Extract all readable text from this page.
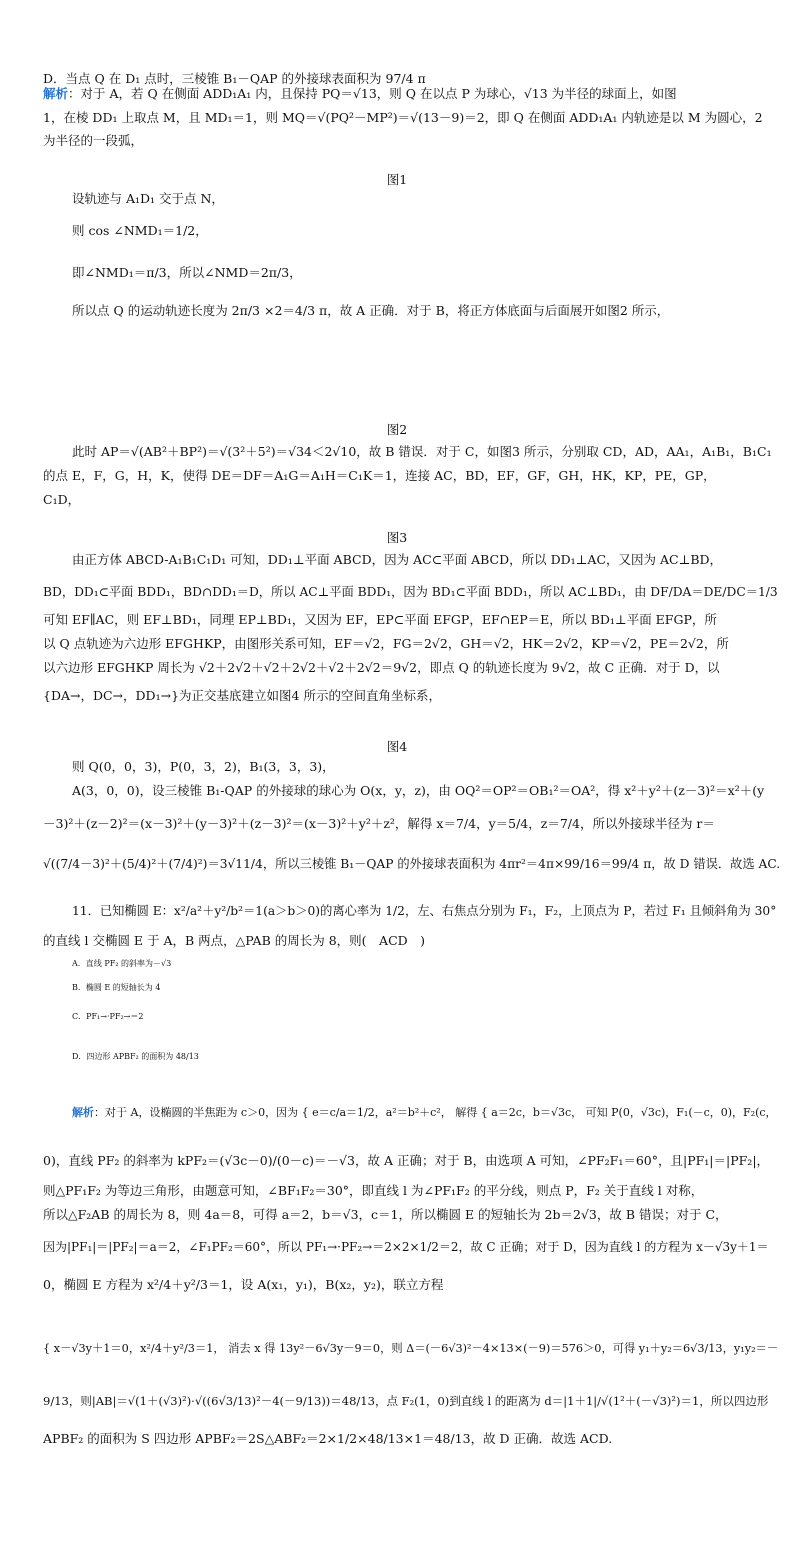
D．当点 Q 在 D₁ 点时，三棱锥 B₁－QAP 的外接球表面积为 97/4 π
解析：对于 A，若 Q 在侧面 ADD₁A₁ 内，且保持 PQ＝√13，则 Q 在以点 P 为球心，√13 为半径的球面上，如图
1，在棱 DD₁ 上取点 M，且 MD₁＝1，则 MQ＝√(PQ²－MP²)＝√(13－9)＝2，即 Q 在侧面 ADD₁A₁ 内轨迹是以 M 为圆心，2
为半径的一段弧，
图1
设轨迹与 A₁D₁ 交于点 N，
则 cos ∠NMD₁＝1/2，
即∠NMD₁＝π/3，所以∠NMD＝2π/3，
所以点 Q 的运动轨迹长度为 2π/3 ×2＝4/3 π，故 A 正确．对于 B，将正方体底面与后面展开如图2 所示，
图2
此时 AP＝√(AB²＋BP²)＝√(3²＋5²)＝√34＜2√10，故 B 错误．对于 C，如图3 所示，分别取 CD，AD，AA₁，A₁B₁，B₁C₁
的点 E，F，G，H，K，使得 DE＝DF＝A₁G＝A₁H＝C₁K＝1，连接 AC，BD，EF，GF，GH，HK，KP，PE，GP，
C₁D，
图3
由正方体 ABCD-A₁B₁C₁D₁ 可知，DD₁⊥平面 ABCD，因为 AC⊂平面 ABCD，所以 DD₁⊥AC，又因为 AC⊥BD，
BD，DD₁⊂平面 BDD₁，BD∩DD₁＝D，所以 AC⊥平面 BDD₁，因为 BD₁⊂平面 BDD₁，所以 AC⊥BD₁，由 DF/DA＝DE/DC＝1/3
可知 EF∥AC，则 EF⊥BD₁，同理 EP⊥BD₁，又因为 EF，EP⊂平面 EFGP，EF∩EP＝E，所以 BD₁⊥平面 EFGP，所
以 Q 点轨迹为六边形 EFGHKP，由图形关系可知，EF＝√2，FG＝2√2，GH＝√2，HK＝2√2，KP＝√2，PE＝2√2，所
以六边形 EFGHKP 周长为 √2＋2√2＋√2＋2√2＋√2＋2√2＝9√2，即点 Q 的轨迹长度为 9√2，故 C 正确．对于 D，以
{DA→，DC→，DD₁→}为正交基底建立如图4 所示的空间直角坐标系，
图4
则 Q(0，0，3)，P(0，3，2)，B₁(3，3，3)，
A(3，0，0)，设三棱锥 B₁-QAP 的外接球的球心为 O(x，y，z)，由 OQ²＝OP²＝OB₁²＝OA²，得 x²＋y²＋(z－3)²＝x²＋(y
－3)²＋(z－2)²＝(x－3)²＋(y－3)²＋(z－3)²＝(x－3)²＋y²＋z²，解得 x＝7/4，y＝5/4，z＝7/4，所以外接球半径为 r＝
√((7/4－3)²＋(5/4)²＋(7/4)²)＝3√11/4，所以三棱锥 B₁－QAP 的外接球表面积为 4πr²＝4π×99/16＝99/4 π，故 D 错误．故选 AC.
11．已知椭圆 E：x²/a²＋y²/b²＝1(a＞b＞0)的离心率为 1/2，左、右焦点分别为 F₁，F₂，上顶点为 P，若过 F₁ 且倾斜角为 30°
的直线 l 交椭圆 E 于 A，B 两点，△PAB 的周长为 8，则(　ACD　)
A．直线 PF₂ 的斜率为－√3
B．椭圆 E 的短轴长为 4
C．PF₁→·PF₂→＝2
D．四边形 APBF₂ 的面积为 48/13
解析：对于 A，设椭圆的半焦距为 c＞0，因为 { e＝c/a＝1/2，a²＝b²＋c²， 解得 { a＝2c，b＝√3c， 可知 P(0，√3c)，F₁(－c，0)，F₂(c，
0)，直线 PF₂ 的斜率为 kPF₂＝(√3c－0)/(0－c)＝－√3，故 A 正确；对于 B，由选项 A 可知，∠PF₂F₁＝60°，且|PF₁|＝|PF₂|，
则△PF₁F₂ 为等边三角形，由题意可知，∠BF₁F₂＝30°，即直线 l 为∠PF₁F₂ 的平分线，则点 P，F₂ 关于直线 l 对称，
所以△F₂AB 的周长为 8，则 4a＝8，可得 a＝2，b＝√3，c＝1，所以椭圆 E 的短轴长为 2b＝2√3，故 B 错误；对于 C，
因为|PF₁|＝|PF₂|＝a＝2，∠F₁PF₂＝60°，所以 PF₁→·PF₂→＝2×2×1/2＝2，故 C 正确；对于 D，因为直线 l 的方程为 x－√3y＋1＝
0，椭圆 E 方程为 x²/4＋y²/3＝1，设 A(x₁，y₁)，B(x₂，y₂)，联立方程
{ x－√3y＋1＝0，x²/4＋y²/3＝1， 消去 x 得 13y²－6√3y－9＝0，则 Δ＝(－6√3)²－4×13×(－9)＝576＞0，可得 y₁＋y₂＝6√3/13，y₁y₂＝－
9/13，则|AB|＝√(1＋(√3)²)·√((6√3/13)²－4(－9/13))＝48/13，点 F₂(1，0)到直线 l 的距离为 d＝|1＋1|/√(1²＋(－√3)²)＝1，所以四边形
APBF₂ 的面积为 S 四边形 APBF₂＝2S△ABF₂＝2×1/2×48/13×1＝48/13，故 D 正确．故选 ACD.
